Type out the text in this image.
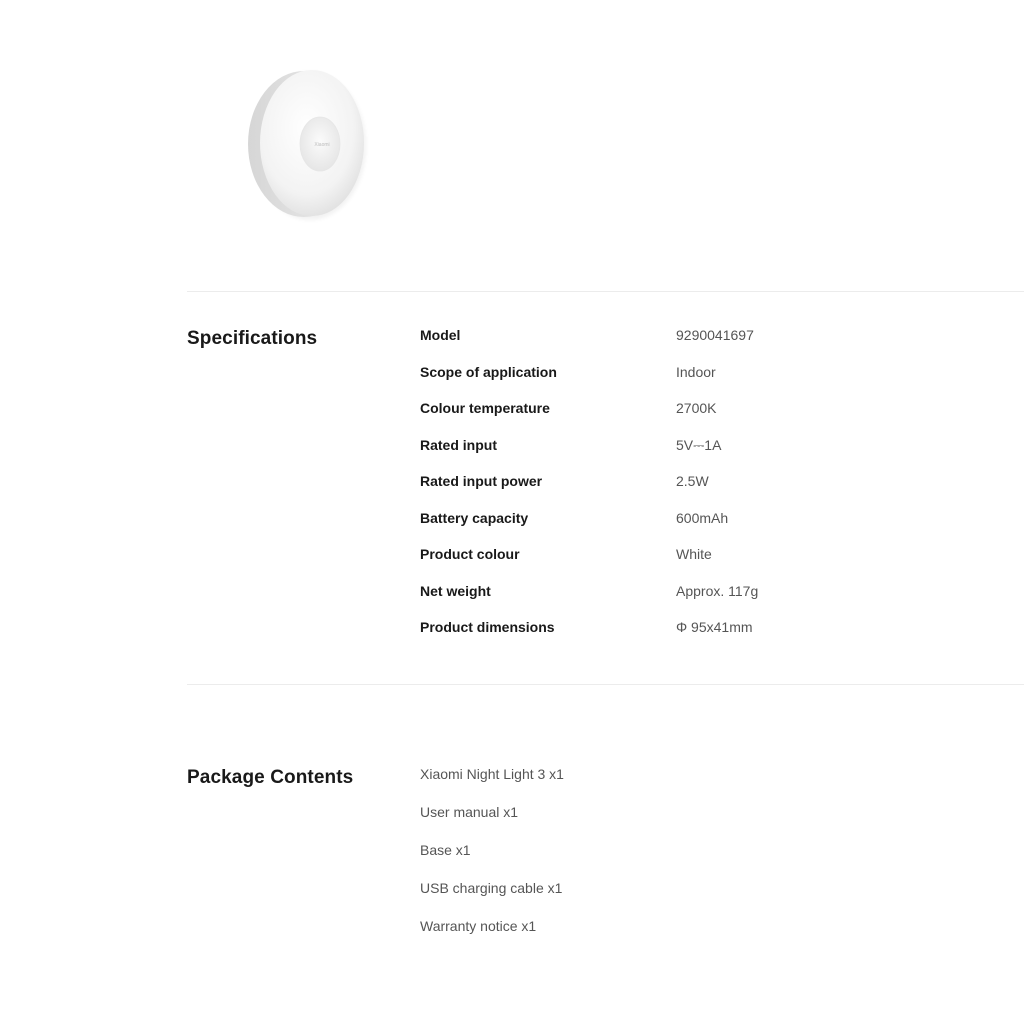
Xiaomi
Specifications	Model	9290041697
Scope of application	Indoor
Colour temperature	2700K
Rated input	5V⎓1A
Rated input power	2.5W
Battery capacity	600mAh
Product colour	White
Net weight	Approx. 117g
Product dimensions	Φ 95x41mm
Package Contents	Xiaomi Night Light 3 x1
User manual x1
Base x1
USB charging cable x1
Warranty notice x1
